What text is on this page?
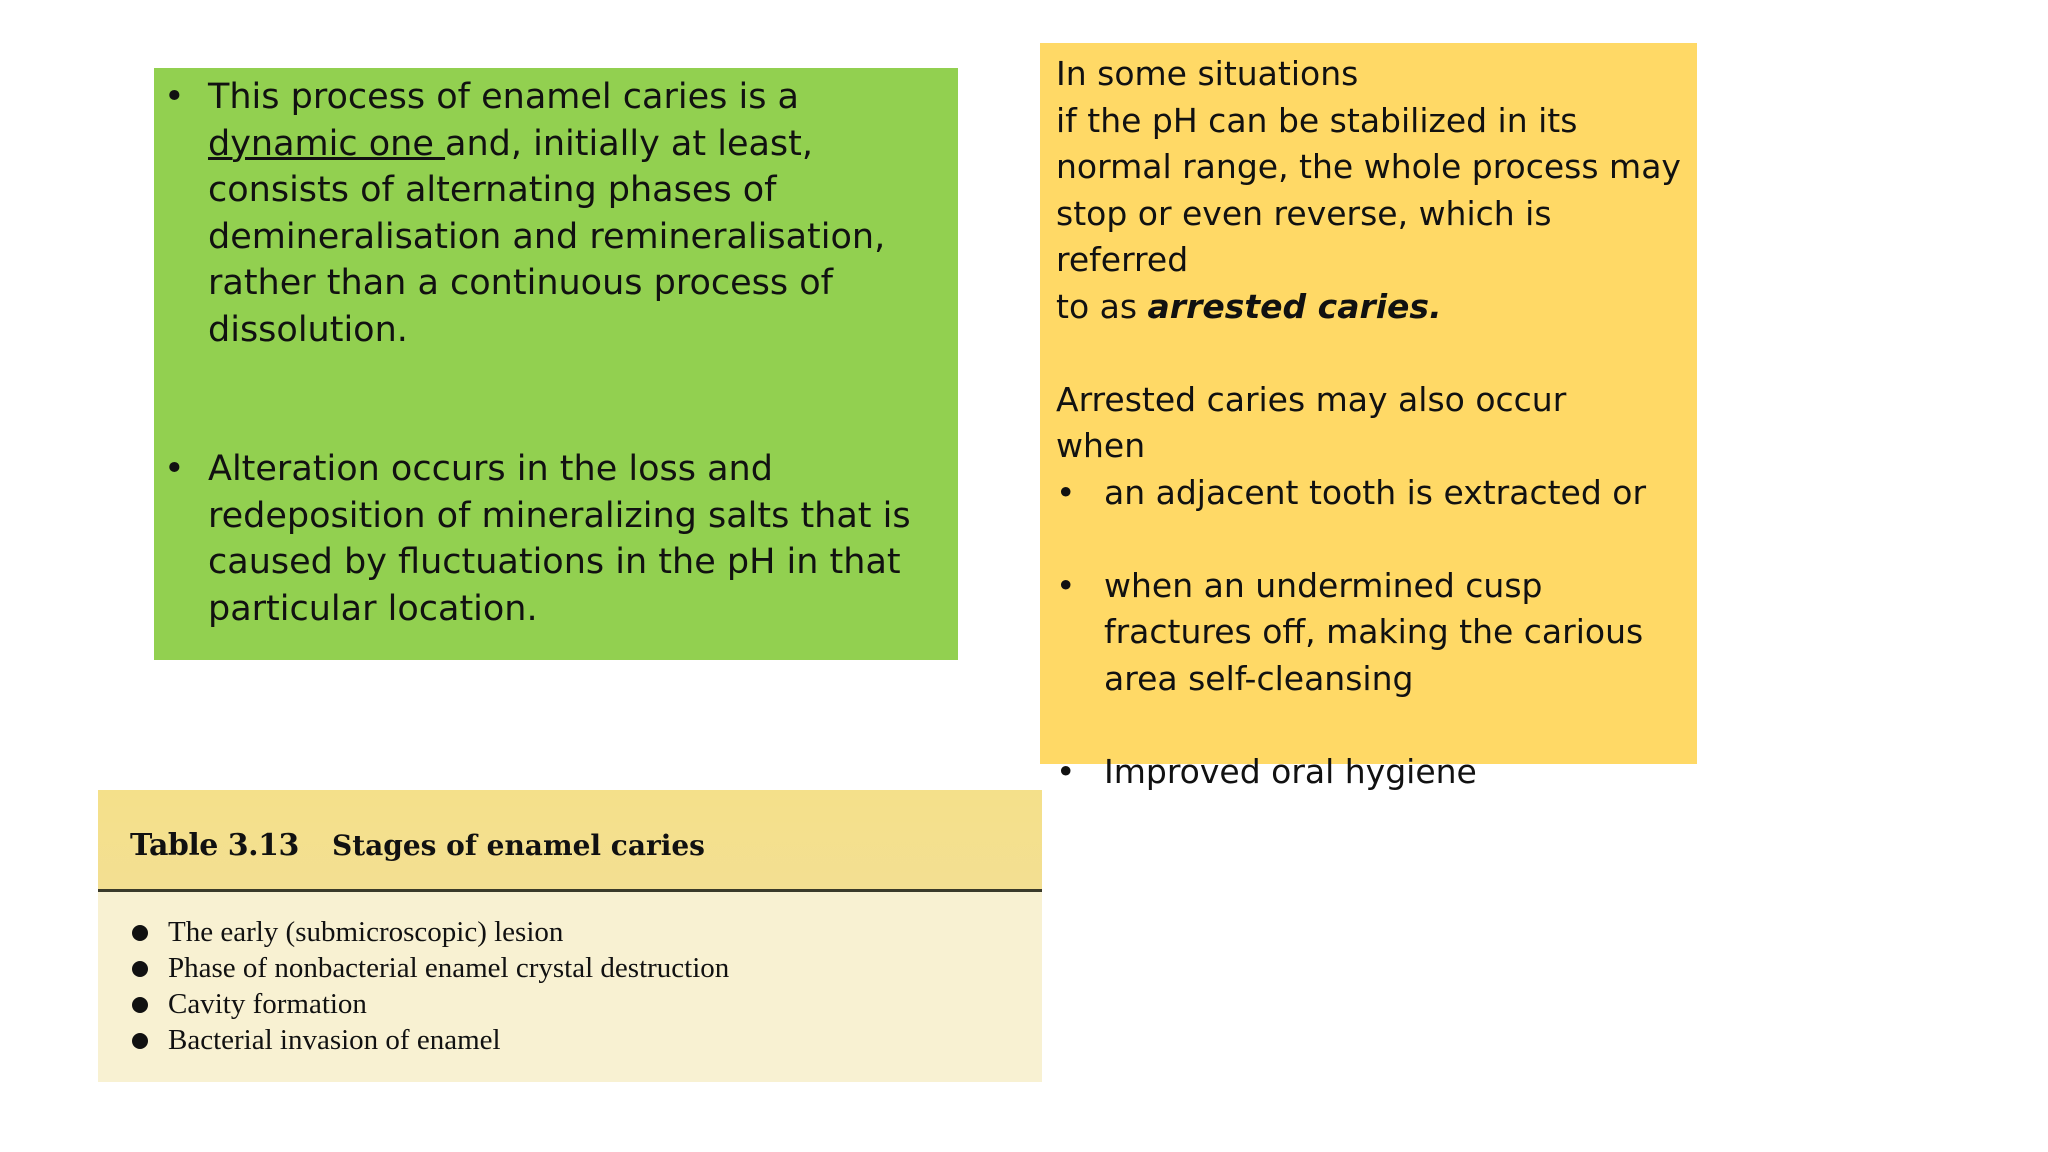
• This process of enamel caries is a dynamic one and, initially at least, consists of alternating phases of demineralisation and remineralisation, rather than a continuous process of dissolution.
• Alteration occurs in the loss and redeposition of mineralizing salts that is caused by fluctuations in the pH in that particular location.

In some situations

if the pH can be stabilized in its normal range, the whole process may stop or even reverse, which is referred

to as arrested caries.

Arrested caries may also occur

when

• an adjacent tooth is extracted or
• when an undermined cusp fractures off, making the carious area self-cleansing
• Improved oral hygiene
Table 3.13 Stages of enamel caries
The early (submicroscopic) lesion
Phase of nonbacterial enamel crystal destruction
Cavity formation
Bacterial invasion of enamel
